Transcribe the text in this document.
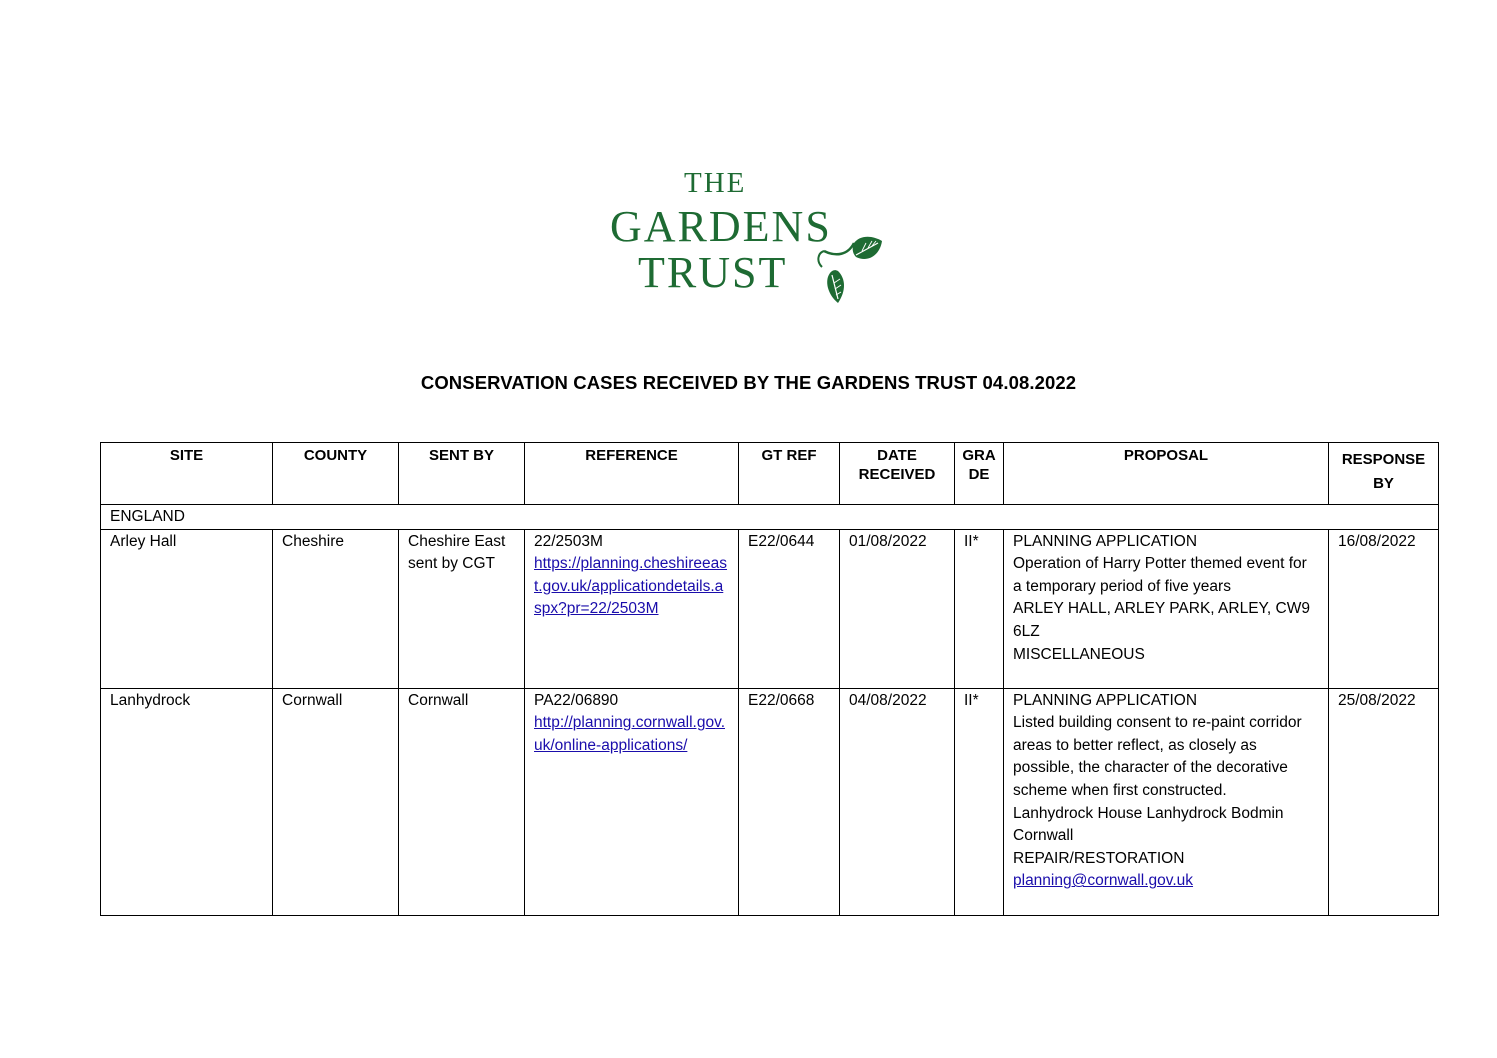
THE
GARDENS
TRUST
CONSERVATION CASES RECEIVED BY THE GARDENS TRUST 04.08.2022
SITE	COUNTY	SENT BY	REFERENCE	GT REF	DATE RECEIVED	GRADE	PROPOSAL	RESPONSE BY
ENGLAND								
Arley Hall	Cheshire	Cheshire East sent by CGT	22/2503M
https://planning.cheshireeast.gov.uk/applicationdetails.aspx?pr=22/2503M	E22/0644	01/08/2022	II*	PLANNING APPLICATION
Operation of Harry Potter themed event for a temporary period of five years
ARLEY HALL, ARLEY PARK, ARLEY, CW9 6LZ
MISCELLANEOUS	16/08/2022
Lanhydrock	Cornwall	Cornwall	PA22/06890
http://planning.cornwall.gov.uk/online-applications/	E22/0668	04/08/2022	II*	PLANNING APPLICATION
Listed building consent to re-paint corridor areas to better reflect, as closely as possible, the character of the decorative scheme when first constructed.
Lanhydrock House Lanhydrock Bodmin Cornwall
REPAIR/RESTORATION
planning@cornwall.gov.uk	25/08/2022
